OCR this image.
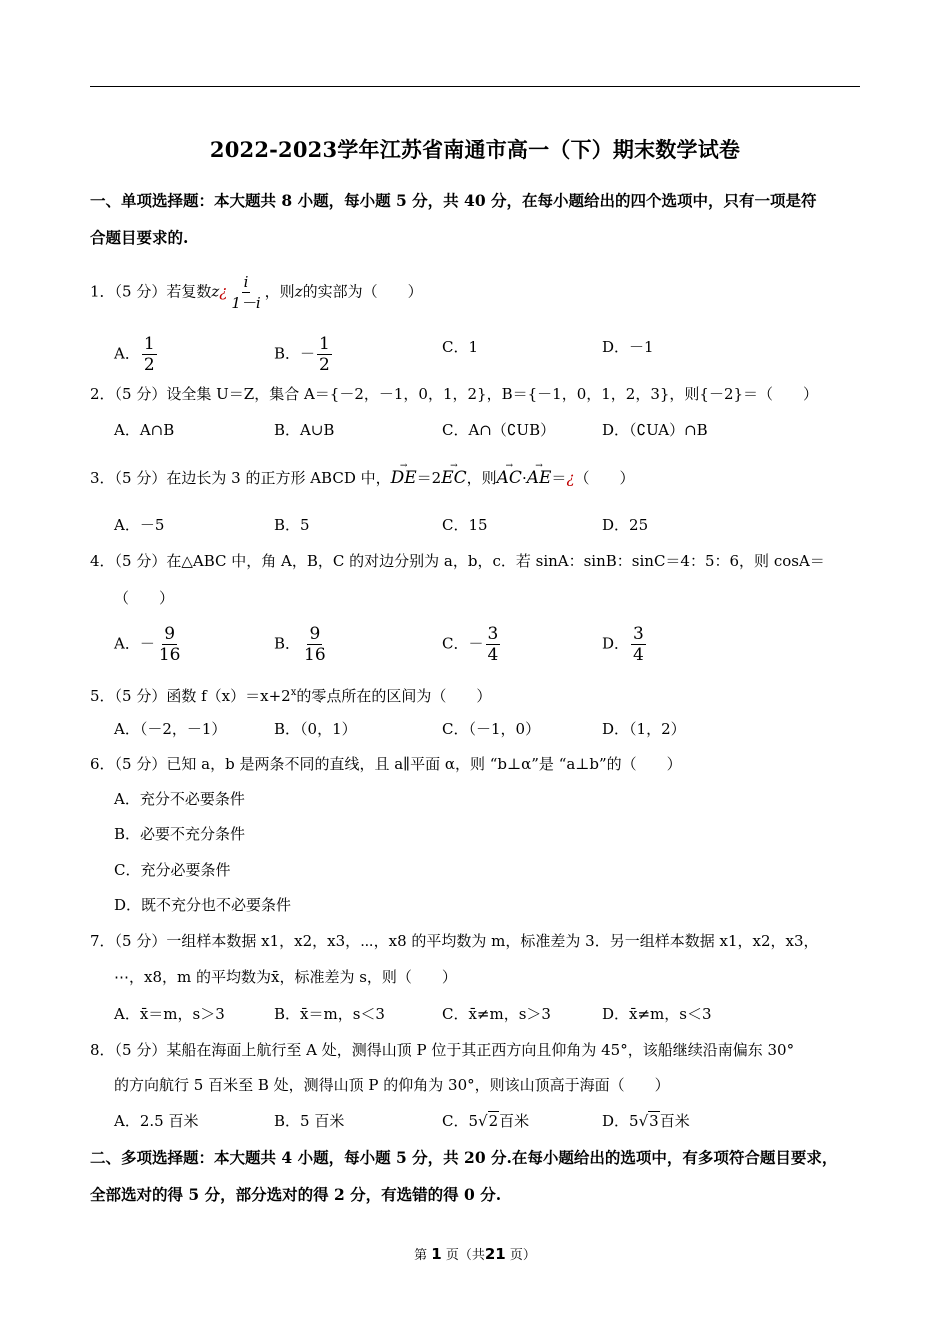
2022-2023学年江苏省南通市高一（下）期末数学试卷
一、单项选择题：本大题共 8 小题，每小题 5 分，共 40 分，在每小题给出的四个选项中，只有一项是符
合题目要求的.
1．（5 分）若复数z¿ $\frac{i}{1-i}$ ，则z的实部为（　　）
A． $\frac{1}{2}$	B．－ $\frac{1}{2}$	C．1	D．－1
2．（5 分）设全集 U＝Z，集合 A＝{－2，－1，0，1，2}，B＝{－1，0，1，2，3}，则{－2}＝（　　）
A．A∩B	B．A∪B	C．A∩（∁UB）	D．（∁UA）∩B
3．（5 分）在边长为 3 的正方形 ABCD 中，→ DE＝2→ EC，则→ AC·→ AE＝¿（　　）
A．－5	B．5	C．15	D．25
4．（5 分）在△ABC 中，角 A，B，C 的对边分别为 a，b，c．若 sinA：sinB：sinC＝4：5：6，则 cosA＝
（　　）
A．－ $\frac{9}{16}$	B． $\frac{9}{16}$	C．－ $\frac{3}{4}$	D． $\frac{3}{4}$
5．（5 分）函数 $f(x)=x+2^x$的零点所在的区间为（　　）
A．（－2，－1）	B．（0，1）	C．（－1，0）	D．（1，2）
6．（5 分）已知 a，b 是两条不同的直线，且 a∥平面 α，则 “b⊥α”是 “a⊥b”的（　　）
A．充分不必要条件
B．必要不充分条件
C．充分必要条件
D．既不充分也不必要条件
7．（5 分）一组样本数据 x1，x2，x3，⋯，x8 的平均数为 m，标准差为 3．另一组样本数据 x1，x2，x3，
⋯，x8，m 的平均数为x̄，标准差为 s，则（　　）
A．x̄＝m，s＞3	B．x̄＝m，s＜3	C．x̄≠m，s＞3	D．x̄≠m，s＜3
8．（5 分）某船在海面上航行至 A 处，测得山顶 P 位于其正西方向且仰角为 45°，该船继续沿南偏东 30°
的方向航行 5 百米至 B 处，测得山顶 P 的仰角为 30°，则该山顶高于海面（　　）
A．2.5 百米	B．5 百米	C．5√2百米	D．5√3百米
二、多项选择题：本大题共 4 小题，每小题 5 分，共 20 分.在每小题给出的选项中，有多项符合题目要求，
全部选对的得 5 分，部分选对的得 2 分，有选错的得 0 分.
第 1 页（共21 页）
